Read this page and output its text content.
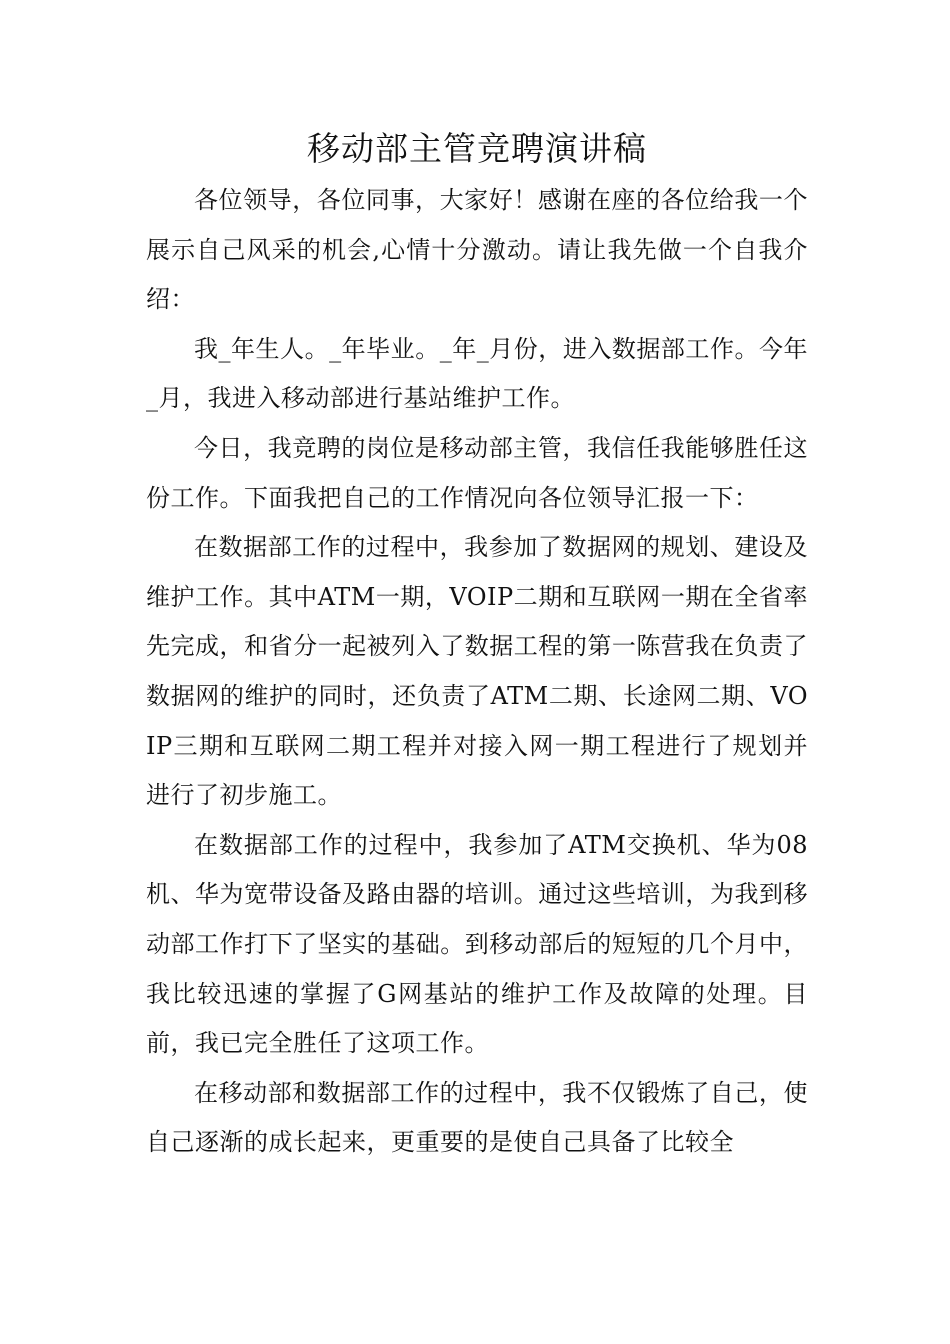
移动部主管竞聘演讲稿

各位领导，各位同事，大家好！感谢在座的各位给我一个展示自己风采的机会,心情十分激动。请让我先做一个自我介绍：

我_年生人。_年毕业。_年_月份，进入数据部工作。今年_月，我进入移动部进行基站维护工作。

今日，我竞聘的岗位是移动部主管，我信任我能够胜任这份工作。下面我把自己的工作情况向各位领导汇报一下：

在数据部工作的过程中，我参加了数据网的规划、建设及维护工作。其中ATM一期，VOIP二期和互联网一期在全省率先完成，和省分一起被列入了数据工程的第一陈营我在负责了数据网的维护的同时，还负责了ATM二期、长途网二期、VOIP三期和互联网二期工程并对接入网一期工程进行了规划并进行了初步施工。

在数据部工作的过程中，我参加了ATM交换机、华为08机、华为宽带设备及路由器的培训。通过这些培训，为我到移动部工作打下了坚实的基础。到移动部后的短短的几个月中，我比较迅速的掌握了G网基站的维护工作及故障的处理。目前，我已完全胜任了这项工作。

在移动部和数据部工作的过程中，我不仅锻炼了自己，使自己逐渐的成长起来，更重要的是使自己具备了比较全
